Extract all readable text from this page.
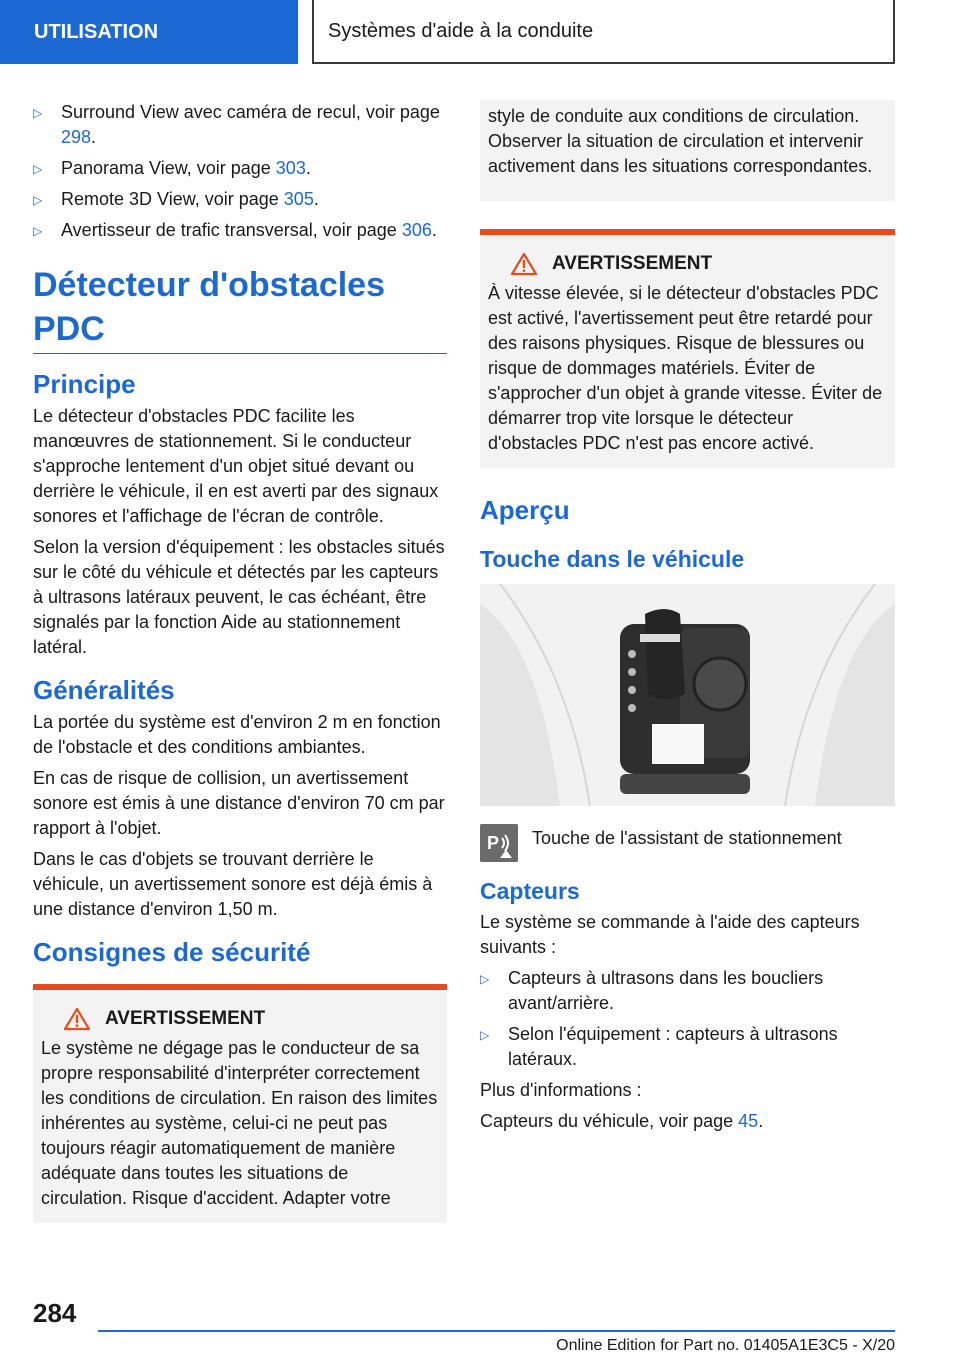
UTILISATION	Systèmes d'aide à la conduite
▷ Surround View avec caméra de recul, voir page 298.
▷ Panorama View, voir page 303.
▷ Remote 3D View, voir page 305.
▷ Avertisseur de trafic transversal, voir page 306.
Détecteur d'obstacles PDC
Principe

Le détecteur d'obstacles PDC facilite les manœuvres de stationnement. Si le conducteur s'approche lentement d'un objet situé devant ou derrière le véhicule, il en est averti par des signaux sonores et l'affichage de l'écran de contrôle.

Selon la version d'équipement : les obstacles situés sur le côté du véhicule et détectés par les capteurs à ultrasons latéraux peuvent, le cas échéant, être signalés par la fonction Aide au stationnement latéral.

Généralités

La portée du système est d'environ 2 m en fonction de l'obstacle et des conditions ambiantes.

En cas de risque de collision, un avertissement sonore est émis à une distance d'environ 70 cm par rapport à l'objet.

Dans le cas d'objets se trouvant derrière le véhicule, un avertissement sonore est déjà émis à une distance d'environ 1,50 m.

Consignes de sécurité
AVERTISSEMENT

Le système ne dégage pas le conducteur de sa propre responsabilité d'interpréter correctement les conditions de circulation. En raison des limites inhérentes au système, celui-ci ne peut pas toujours réagir automatiquement de manière adéquate dans toutes les situations de circulation. Risque d'accident. Adapter votre

style de conduite aux conditions de circulation. Observer la situation de circulation et intervenir activement dans les situations correspondantes.

AVERTISSEMENT

À vitesse élevée, si le détecteur d'obstacles PDC est activé, l'avertissement peut être retardé pour des raisons physiques. Risque de blessures ou risque de dommages matériels. Éviter de s'approcher d'un objet à grande vitesse. Éviter de démarrer trop vite lorsque le détecteur d'obstacles PDC n'est pas encore activé.

Aperçu
Touche dans le véhicule
P Touche de l'assistant de stationnement
Capteurs

Le système se commande à l'aide des capteurs suivants :

▷ Capteurs à ultrasons dans les boucliers avant/arrière.
▷ Selon l'équipement : capteurs à ultrasons latéraux.

Plus d'informations :

Capteurs du véhicule, voir page 45.

284
Online Edition for Part no. 01405A1E3C5 - X/20
